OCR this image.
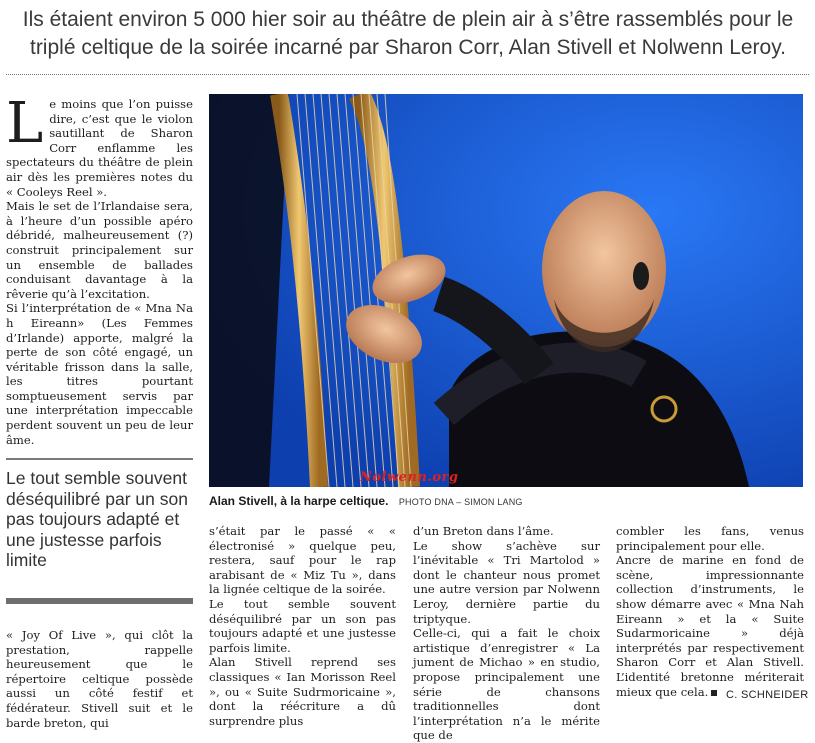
Ils étaient environ 5 000 hier soir au théâtre de plein air à s’être rassemblés pour le
triplé celtique de la soirée incarné par Sharon Corr, Alan Stivell et Nolwenn Leroy.
L e moins que l’on puisse dire, c’est que le violon sautillant de Sharon Corr enflamme les spectateurs du théâtre de plein air dès les premières notes du « Cooleys Reel ».

Mais le set de l’Irlandaise sera, à l’heure d’un possible apéro débridé, malheureusement (?) construit principalement sur un ensemble de ballades conduisant davantage à la rêverie qu’à l’excitation.

Si l’interprétation de « Mna Na h Eireann» (Les Femmes d’Irlande) apporte, malgré la perte de son côté engagé, un véritable frisson dans la salle, les titres pourtant somptueusement servis par une interprétation impeccable perdent souvent un peu de leur âme.

Le tout semble souvent déséquilibré par un son pas toujours adapté et une justesse parfois limite

« Joy Of Live », qui clôt la prestation, rappelle heureusement que le répertoire celtique possède aussi un côté festif et fédérateur. Stivell suit et le barde breton, qui

Nolwenn.org
Alan Stivell, à la harpe celtique. PHOTO DNA – SIMON LANG

s’était par le passé « « électronisé » quelque peu, restera, sauf pour le rap arabisant de « Miz Tu », dans la lignée celtique de la soirée.

Le tout semble souvent déséquilibré par un son pas toujours adapté et une justesse parfois limite.

Alan Stivell reprend ses classiques « Ian Morisson Reel », ou « Suite Sudrmoricaine », dont la réécriture a dû surprendre plus

d’un Breton dans l’âme.

Le show s’achève sur l’inévitable « Tri Martolod » dont le chanteur nous promet une autre version par Nolwenn Leroy, dernière partie du triptyque.

Celle-ci, qui a fait le choix artistique d’enregistrer « La jument de Michao » en studio, propose principalement une série de chansons traditionnelles dont l’interprétation n’a le mérite que de

combler les fans, venus principalement pour elle.

Ancre de marine en fond de scène, impressionnante collection d’instruments, le show démarre avec « Mna Nah Eireann » et la « Suite Sudarmoricaine » déjà interprétés par respectivement Sharon Corr et Alan Stivell. L’identité bretonne mériterait mieux que cela.	C. SCHNEIDER
